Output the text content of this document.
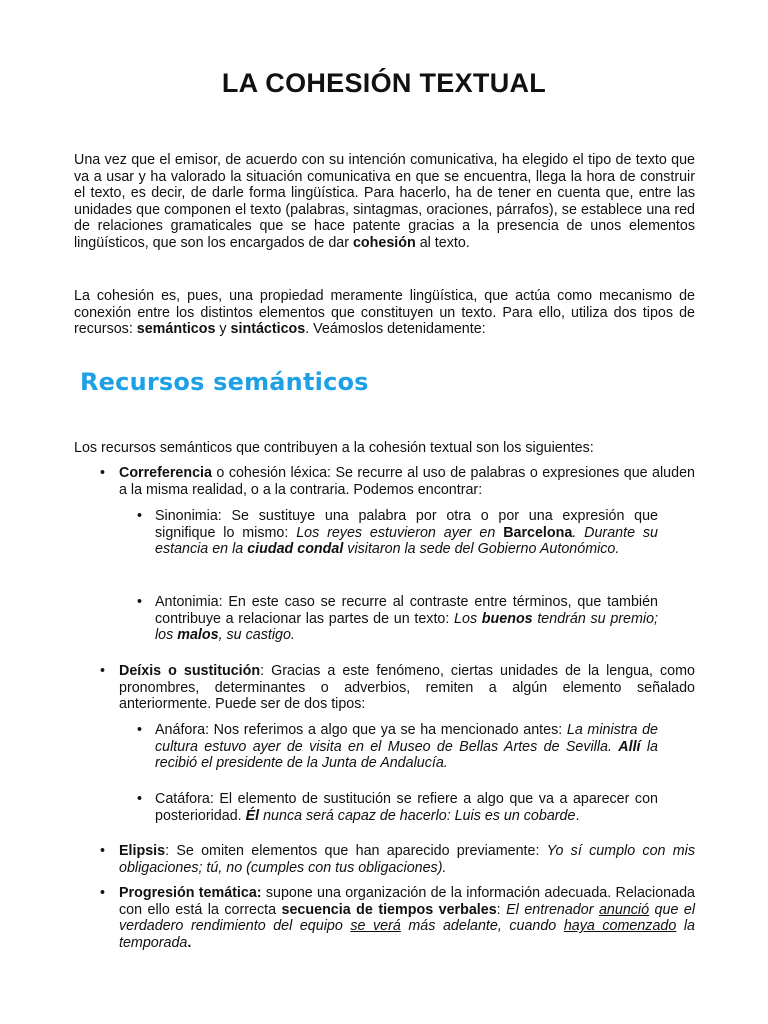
LA COHESIÓN TEXTUAL

Una vez que el emisor, de acuerdo con su intención comunicativa, ha elegido el tipo de texto que va a usar y ha valorado la situación comunicativa en que se encuentra, llega la hora de construir el texto, es decir, de darle forma lingüística. Para hacerlo, ha de tener en cuenta que, entre las unidades que componen el texto (palabras, sintagmas, oraciones, párrafos), se establece una red de relaciones gramaticales que se hace patente gracias a la presencia de unos elementos lingüísticos, que son los encargados de dar cohesión al texto.

La cohesión es, pues, una propiedad meramente lingüística, que actúa como mecanismo de conexión entre los distintos elementos que constituyen un texto. Para ello, utiliza dos tipos de recursos: semánticos y sintácticos. Veámoslos detenidamente:

Recursos semánticos

Los recursos semánticos que contribuyen a la cohesión textual son los siguientes:

• Correferencia o cohesión léxica: Se recurre al uso de palabras o expresiones que aluden a la misma realidad, o a la contraria. Podemos encontrar:

• Sinonimia: Se sustituye una palabra por otra o por una expresión que signifique lo mismo: Los reyes estuvieron ayer en Barcelona. Durante su estancia en la ciudad condal visitaron la sede del Gobierno Autonómico.

• Antonimia: En este caso se recurre al contraste entre términos, que también contribuye a relacionar las partes de un texto: Los buenos tendrán su premio; los malos, su castigo.

• Deíxis o sustitución: Gracias a este fenómeno, ciertas unidades de la lengua, como pronombres, determinantes o adverbios, remiten a algún elemento señalado anteriormente. Puede ser de dos tipos:

• Anáfora: Nos referimos a algo que ya se ha mencionado antes: La ministra de cultura estuvo ayer de visita en el Museo de Bellas Artes de Sevilla. Allí la recibió el presidente de la Junta de Andalucía.

• Catáfora: El elemento de sustitución se refiere a algo que va a aparecer con posterioridad. Él nunca será capaz de hacerlo: Luis es un cobarde.

• Elipsis: Se omiten elementos que han aparecido previamente: Yo sí cumplo con mis obligaciones; tú, no (cumples con tus obligaciones).

• Progresión temática: supone una organización de la información adecuada. Relacionada con ello está la correcta secuencia de tiempos verbales: El entrenador anunció que el verdadero rendimiento del equipo se verá más adelante, cuando haya comenzado la temporada.
